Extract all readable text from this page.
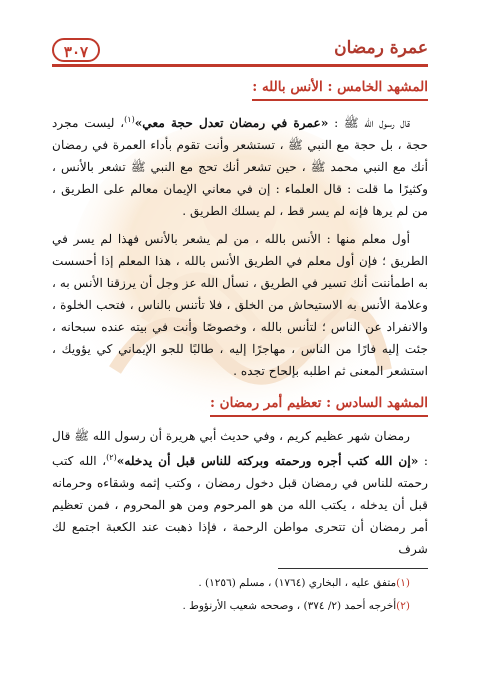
٣٠٧	عمرة رمضان
المشهد الخامس : الأنس بالله :

قال رسول الله ﷺ : «عمرة في رمضان تعدل حجة معي»$^{(١)}$، ليست مجرد حجة ، بل حجة مع النبي ﷺ ، تستشعر وأنت تقوم بأداء العمرة في رمضان أنك مع النبي محمد ﷺ ، حين تشعر أنك تحج مع النبي ﷺ تشعر بالأنس ، وكثيرًا ما قلت : قال العلماء : إن في معاني الإيمان معالم على الطريق ، من لم يرها فإنه لم يسر قط ، لم يسلك الطريق .

أول معلم منها : الأنس بالله ، من لم يشعر بالأنس فهذا لم يسر في الطريق ؛ فإن أول معلم في الطريق الأنس بالله ، هذا المعلم إذا أحسست به اطمأننت أنك تسير في الطريق ، نسأل الله عز وجل أن يرزقنا الأنس به ، وعلامة الأنس به الاستيحاش من الخلق ، فلا تأتنس بالناس ، فتحب الخلوة ، والانفراد عن الناس ؛ لتأنس بالله ، وخصوصًا وأنت في بيته عنده سبحانه ، جئت إليه فارًا من الناس ، مهاجرًا إليه ، طالبًا للجو الإيماني كي يؤويك ، استشعر المعنى ثم اطلبه بإلحاح تجده .

المشهد السادس : تعظيم أمر رمضان :

رمضان شهر عظيم كريم ، وفي حديث أبي هريرة أن رسول الله ﷺ قال : «إن الله كتب أجره ورحمته وبركته للناس قبل أن يدخله»$^{(٢)}$، الله كتب رحمته للناس في رمضان قبل دخول رمضان ، وكتب إثمه وشقاءه وحرمانه قبل أن يدخله ، يكتب الله من هو المرحوم ومن هو المحروم ، فمن تعظيم أمر رمضان أن تتحرى مواطن الرحمة ، فإذا ذهبت عند الكعبة اجتمع لك شرف

(١)متفق عليه ، البخاري (١٧٦٤) ، مسلم (١٢٥٦) .

(٢)أخرجه أحمد (٢/ ٣٧٤) ، وصححه شعيب الأرنؤوط .
